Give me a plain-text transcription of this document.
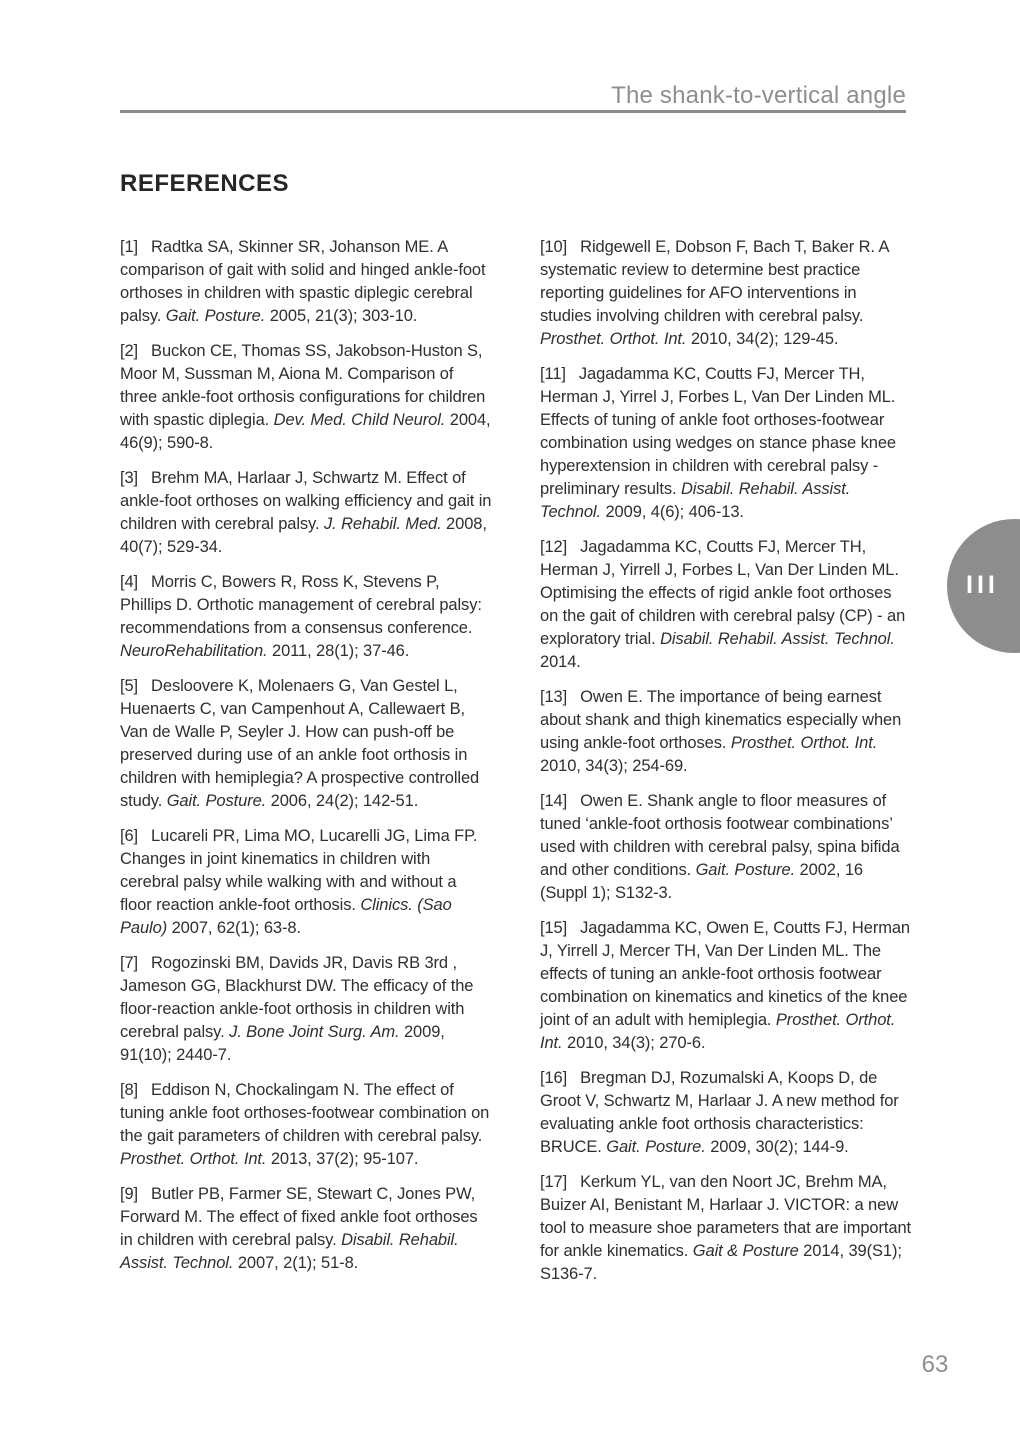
The shank-to-vertical angle
REFERENCES

[1] Radtka SA, Skinner SR, Johanson ME. A comparison of gait with solid and hinged ankle-foot orthoses in children with spastic diplegic cerebral palsy. Gait. Posture. 2005, 21(3); 303-10.

[2] Buckon CE, Thomas SS, Jakobson-Huston S, Moor M, Sussman M, Aiona M. Comparison of three ankle-foot orthosis configurations for children with spastic diplegia. Dev. Med. Child Neurol. 2004, 46(9); 590-8.

[3] Brehm MA, Harlaar J, Schwartz M. Effect of ankle-foot orthoses on walking efficiency and gait in children with cerebral palsy. J. Rehabil. Med. 2008, 40(7); 529-34.

[4] Morris C, Bowers R, Ross K, Stevens P, Phillips D. Orthotic management of cerebral palsy: recommendations from a consensus conference. NeuroRehabilitation. 2011, 28(1); 37-46.

[5] Desloovere K, Molenaers G, Van Gestel L, Huenaerts C, van Campenhout A, Callewaert B, Van de Walle P, Seyler J. How can push-off be preserved during use of an ankle foot orthosis in children with hemiplegia? A prospective controlled study. Gait. Posture. 2006, 24(2); 142-51.

[6] Lucareli PR, Lima MO, Lucarelli JG, Lima FP. Changes in joint kinematics in children with cerebral palsy while walking with and without a floor reaction ankle-foot orthosis. Clinics. (Sao Paulo) 2007, 62(1); 63-8.

[7] Rogozinski BM, Davids JR, Davis RB 3rd , Jameson GG, Blackhurst DW. The efficacy of the floor-reaction ankle-foot orthosis in children with cerebral palsy. J. Bone Joint Surg. Am. 2009, 91(10); 2440-7.

[8] Eddison N, Chockalingam N. The effect of tuning ankle foot orthoses-footwear combination on the gait parameters of children with cerebral palsy. Prosthet. Orthot. Int. 2013, 37(2); 95-107.

[9] Butler PB, Farmer SE, Stewart C, Jones PW, Forward M. The effect of fixed ankle foot orthoses in children with cerebral palsy. Disabil. Rehabil. Assist. Technol. 2007, 2(1); 51-8.

[10] Ridgewell E, Dobson F, Bach T, Baker R. A systematic review to determine best practice reporting guidelines for AFO interventions in studies involving children with cerebral palsy. Prosthet. Orthot. Int. 2010, 34(2); 129-45.

[11] Jagadamma KC, Coutts FJ, Mercer TH, Herman J, Yirrel J, Forbes L, Van Der Linden ML. Effects of tuning of ankle foot orthoses-footwear combination using wedges on stance phase knee hyperextension in children with cerebral palsy - preliminary results. Disabil. Rehabil. Assist. Technol. 2009, 4(6); 406-13.

[12] Jagadamma KC, Coutts FJ, Mercer TH, Herman J, Yirrell J, Forbes L, Van Der Linden ML. Optimising the effects of rigid ankle foot orthoses on the gait of children with cerebral palsy (CP) - an exploratory trial. Disabil. Rehabil. Assist. Technol. 2014.

[13] Owen E. The importance of being earnest about shank and thigh kinematics especially when using ankle-foot orthoses. Prosthet. Orthot. Int. 2010, 34(3); 254-69.

[14] Owen E. Shank angle to floor measures of tuned ‘ankle-foot orthosis footwear combinations’ used with children with cerebral palsy, spina bifida and other conditions. Gait. Posture. 2002, 16 (Suppl 1); S132-3.

[15] Jagadamma KC, Owen E, Coutts FJ, Herman J, Yirrell J, Mercer TH, Van Der Linden ML. The effects of tuning an ankle-foot orthosis footwear combination on kinematics and kinetics of the knee joint of an adult with hemiplegia. Prosthet. Orthot. Int. 2010, 34(3); 270-6.

[16] Bregman DJ, Rozumalski A, Koops D, de Groot V, Schwartz M, Harlaar J. A new method for evaluating ankle foot orthosis characteristics: BRUCE. Gait. Posture. 2009, 30(2); 144-9.

[17] Kerkum YL, van den Noort JC, Brehm MA, Buizer AI, Benistant M, Harlaar J. VICTOR: a new tool to measure shoe parameters that are important for ankle kinematics. Gait & Posture 2014, 39(S1); S136-7.

III
63
